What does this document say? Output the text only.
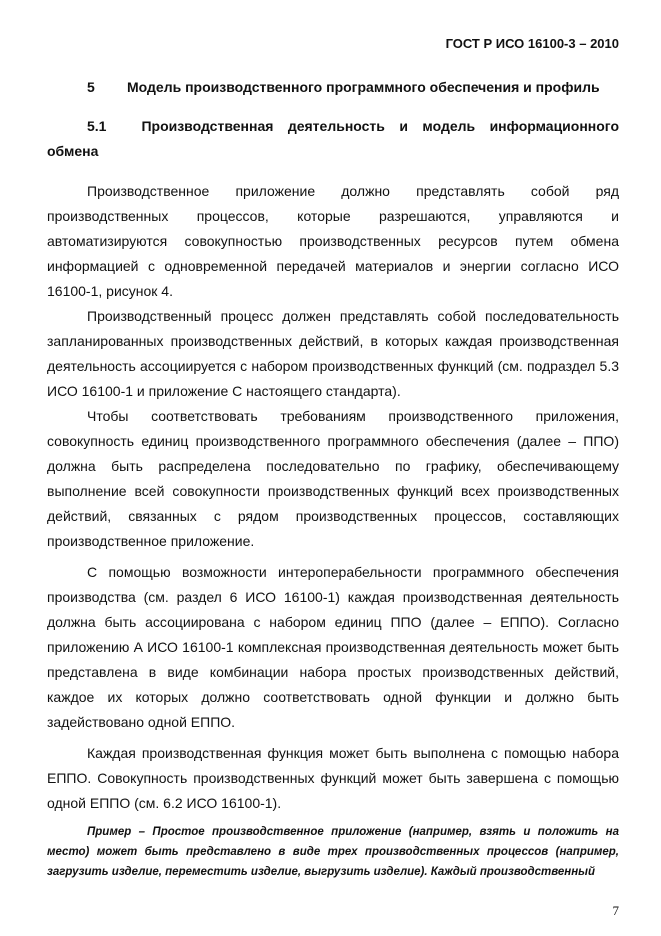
ГОСТ Р ИСО 16100-3 – 2010
5 Модель производственного программного обеспечения и профиль
5.1 Производственная деятельность и модель информационного обмена

Производственное приложение должно представлять собой ряд производственных процессов, которые разрешаются, управляются и автоматизируются совокупностью производственных ресурсов путем обмена информацией с одновременной передачей материалов и энергии согласно ИСО 16100-1, рисунок 4.

Производственный процесс должен представлять собой последовательность запланированных производственных действий, в которых каждая производственная деятельность ассоциируется с набором производственных функций (см. подраздел 5.3 ИСО 16100-1 и приложение С настоящего стандарта).

Чтобы соответствовать требованиям производственного приложения, совокупность единиц производственного программного обеспечения (далее – ППО) должна быть распределена последовательно по графику, обеспечивающему выполнение всей совокупности производственных функций всех производственных действий, связанных с рядом производственных процессов, составляющих производственное приложение.

С помощью возможности интероперабельности программного обеспечения производства (см. раздел 6 ИСО 16100-1) каждая производственная деятельность должна быть ассоциирована с набором единиц ППО (далее – ЕППО). Согласно приложению А ИСО 16100-1 комплексная производственная деятельность может быть представлена в виде комбинации набора простых производственных действий, каждое их которых должно соответствовать одной функции и должно быть задействовано одной ЕППО.

Каждая производственная функция может быть выполнена с помощью набора ЕППО. Совокупность производственных функций может быть завершена с помощью одной ЕППО (см. 6.2 ИСО 16100-1).

Пример – Простое производственное приложение (например, взять и положить на место) может быть представлено в виде трех производственных процессов (например, загрузить изделие, переместить изделие, выгрузить изделие). Каждый производственный

7
